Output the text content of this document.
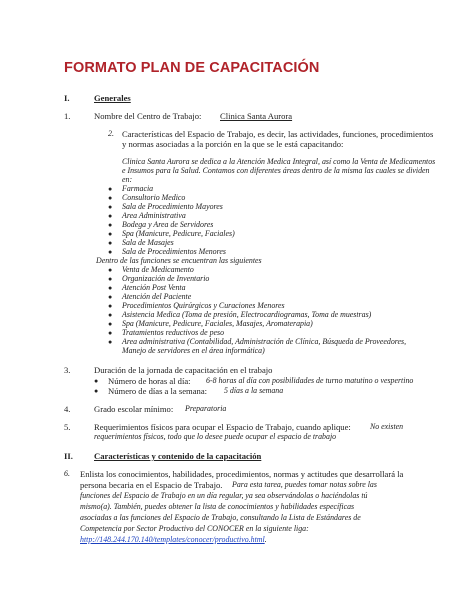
FORMATO PLAN DE CAPACITACIÓN
I.	Generales
1.	Nombre del Centro de Trabajo: Clinica Santa Aurora
2. Características del Espacio de Trabajo, es decir, las actividades, funciones, procedimientos
y normas asociadas a la porción en la que se le está capacitando:
Clinica Santa Aurora se dedica a la Atención Medica Integral, así como la Venta de Medicamentos
e Insumos para la Salud. Contamos con diferentes áreas dentro de la misma las cuales se dividen
en:
● Farmacia
● Consultorio Medico
● Sala de Procedimiento Mayores
● Area Administrativa
● Bodega y Area de Servidores
● Spa (Manicure, Pedicure, Faciales)
● Sala de Masajes
● Sala de Procedimientos Menores
Dentro de las funciones se encuentran las siguientes
● Venta de Medicamento
● Organización de Inventario
● Atención Post Venta
● Atención del Paciente
● Procedimientos Quirúrgicos y Curaciones Menores
● Asistencia Medica (Toma de presión, Electrocardiogramas, Toma de muestras)
● Spa (Manicure, Pedicure, Faciales, Masajes, Aromaterapia)
● Tratamientos reductivos de peso
● Area administrativa (Contabilidad, Administración de Clínica, Búsqueda de Proveedores,
Manejo de servidores en el área informática)
3.	Duración de la jornada de capacitación en el trabajo
● Número de horas al día: 6-8 horas al día con posibilidades de turno matutino o vespertino
● Número de días a la semana: 5 días a la semana
4.	Grado escolar mínimo: Preparatoria
5.	Requerimientos físicos para ocupar el Espacio de Trabajo, cuando aplique: No existen
requerimientos físicos, todo que lo desee puede ocupar el espacio de trabajo
II. Características y contenido de la capacitación
6. Enlista los conocimientos, habilidades, procedimientos, normas y actitudes que desarrollará la
persona becaria en el Espacio de Trabajo. Para esta tarea, puedes tomar notas sobre las
funciones del Espacio de Trabajo en un día regular, ya sea observándolas o haciéndolas tú
mismo(a). También, puedes obtener la lista de conocimientos y habilidades específicas
asociadas a las funciones del Espacio de Trabajo, consultando la Lista de Estándares de
Competencia por Sector Productivo del CONOCER en la siguiente liga:
http://148.244.170.140/templates/conocer/productivo.html.
